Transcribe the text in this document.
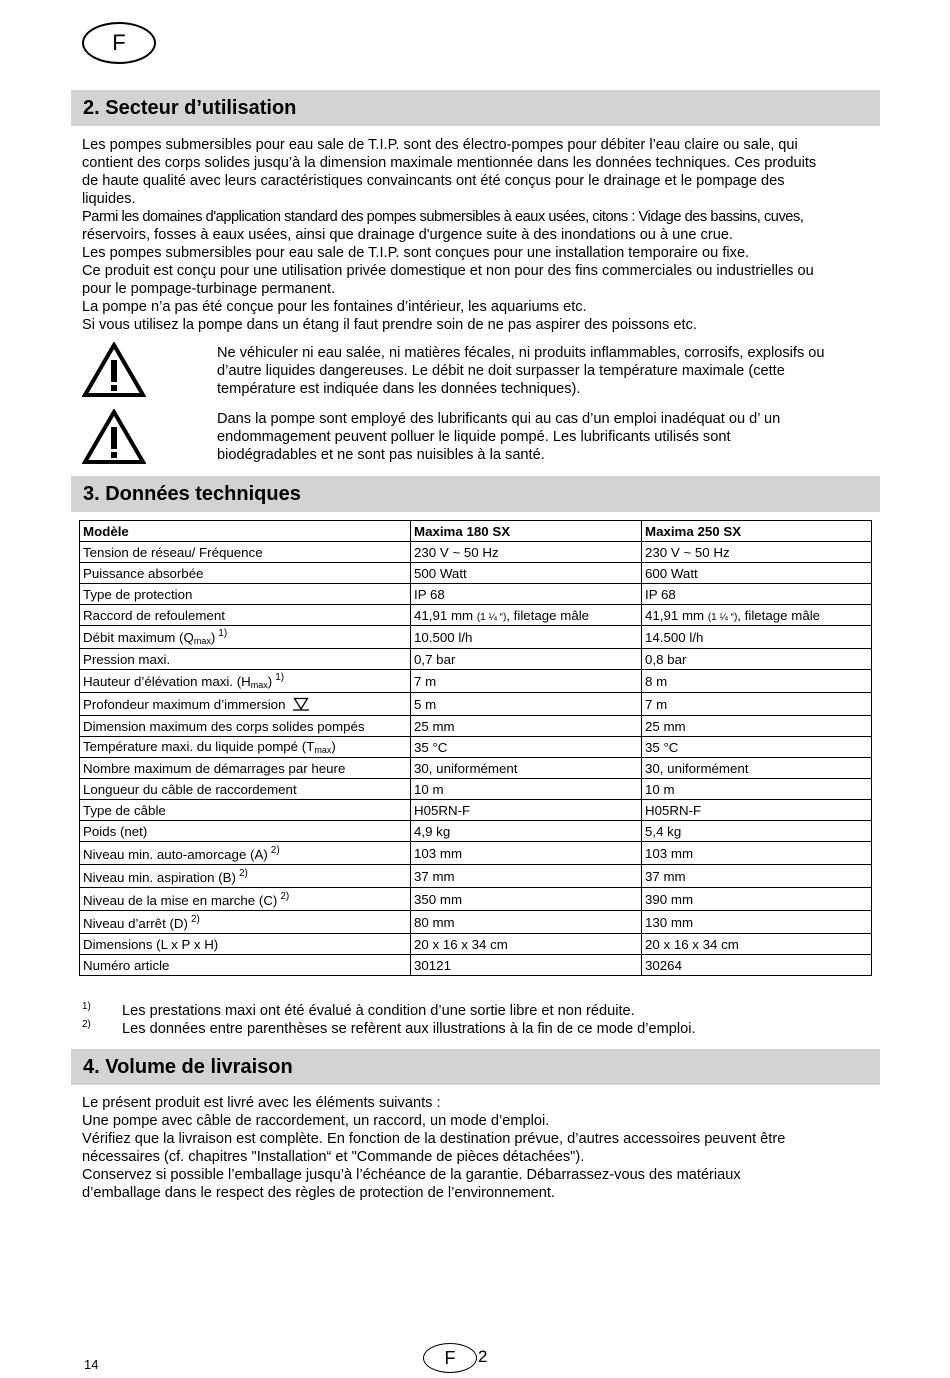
F
2. Secteur d’utilisation

Les pompes submersibles pour eau sale de T.I.P. sont des électro-pompes pour débiter l’eau claire ou sale, qui

contient des corps solides jusqu’à la dimension maximale mentionnée dans les données techniques. Ces produits

de haute qualité avec leurs caractéristiques convaincants ont été conçus pour le drainage et le pompage des

liquides.

Parmi les domaines d'application standard des pompes submersibles à eaux usées, citons : Vidage des bassins, cuves,

réservoirs, fosses à eaux usées, ainsi que drainage d'urgence suite à des inondations ou à une crue.

Les pompes submersibles pour eau sale de T.I.P. sont conçues pour une installation temporaire ou fixe.

Ce produit est conçu pour une utilisation privée domestique et non pour des fins commerciales ou industrielles ou

pour le pompage-turbinage permanent.

La pompe n’a pas été conçue pour les fontaines d’intérieur, les aquariums etc.

Si vous utilisez la pompe dans un étang il faut prendre soin de ne pas aspirer des poissons etc.

Ne véhiculer ni eau salée, ni matières fécales, ni produits inflammables, corrosifs, explosifs ou
d’autre liquides dangereuses. Le débit ne doit surpasser la température maximale (cette
température est indiquée dans les données techniques).
Dans la pompe sont employé des lubrificants qui au cas d’un emploi inadéquat ou d’ un
endommagement peuvent polluer le liquide pompé. Les lubrificants utilisés sont
biodégradables et ne sont pas nuisibles à la santé.
3. Données techniques
Modèle	Maxima 180 SX	Maxima 250 SX
Tension de réseau/ Fréquence	230 V ~ 50 Hz	230 V ~ 50 Hz
Puissance absorbée	500 Watt	600 Watt
Type de protection	IP 68	IP 68
Raccord de refoulement	41,91 mm (1 ¼ “), filetage mâle	41,91 mm (1 ¼ “), filetage mâle
Débit maximum $(Q_{max})$ $^{1)}$	10.500 l/h	14.500 l/h
Pression maxi.	0,7 bar	0,8 bar
Hauteur d’élévation maxi. $(H_{max})$ $^{1)}$	7 m	8 m
Profondeur maximum d’immersion	5 m	7 m
Dimension maximum des corps solides pompés	25 mm	25 mm
Température maxi. du liquide pompé $(T_{max})$	35 °C	35 °C
Nombre maximum de démarrages par heure	30, uniformément	30, uniformément
Longueur du câble de raccordement	10 m	10 m
Type de câble	H05RN-F	H05RN-F
Poids (net)	4,9 kg	5,4 kg
Niveau min. auto-amorcage (A) $^{2)}$	103 mm	103 mm
Niveau min. aspiration (B) $^{2)}$	37 mm	37 mm
Niveau de la mise en marche (C) $^{2)}$	350 mm	390 mm
Niveau d’arrêt (D) $^{2)}$	80 mm	130 mm
Dimensions (L x P x H)	20 x 16 x 34 cm	20 x 16 x 34 cm
Numéro article	30121	30264
1) Les prestations maxi ont été évalué à condition d’une sortie libre et non réduite.
2) Les données entre parenthèses se refèrent aux illustrations à la fin de ce mode d’emploi.
4. Volume de livraison

Le présent produit est livré avec les éléments suivants :

Une pompe avec câble de raccordement, un raccord, un mode d’emploi.

Vérifiez que la livraison est complète. En fonction de la destination prévue, d’autres accessoires peuvent être

nécessaires (cf. chapitres "Installation“ et "Commande de pièces détachées").

Conservez si possible l’emballage jusqu’à l’échéance de la garantie. Débarrassez-vous des matériaux

d’emballage dans le respect des règles de protection de l’environnement.

14	F 2
